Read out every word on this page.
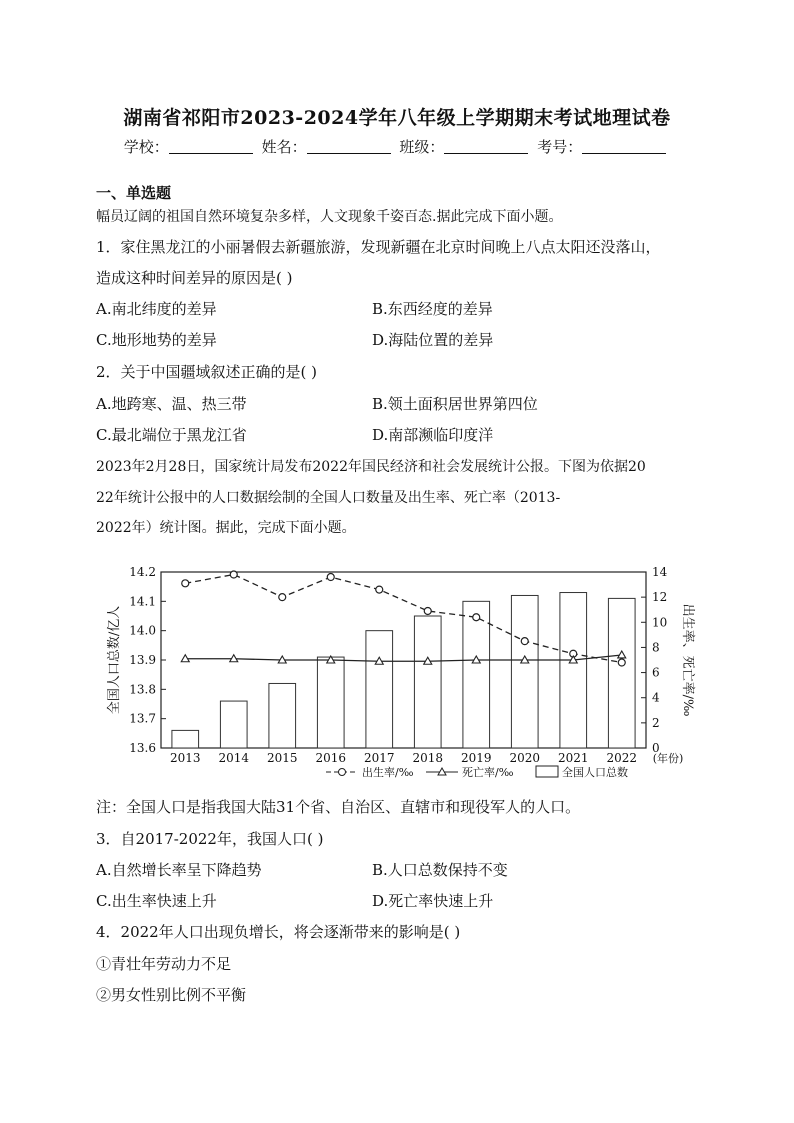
湖南省祁阳市2023-2024学年八年级上学期期末考试地理试卷
学校：	姓名：	班级：	考号：
一、单选题
幅员辽阔的祖国自然环境复杂多样，人文现象千姿百态.据此完成下面小题。
1．家住黑龙江的小丽暑假去新疆旅游，发现新疆在北京时间晚上八点太阳还没落山，
造成这种时间差异的原因是( )
A.南北纬度的差异	B.东西经度的差异
C.地形地势的差异	D.海陆位置的差异
2．关于中国疆域叙述正确的是( )
A.地跨寒、温、热三带	B.领土面积居世界第四位
C.最北端位于黑龙江省	D.南部濒临印度洋
2023年2月28日，国家统计局发布2022年国民经济和社会发展统计公报。下图为依据20
22年统计公报中的人口数据绘制的全国人口数量及出生率、死亡率（2013-
2022年）统计图。据此，完成下面小题。
13.6
13.7
13.8
13.9
14.0
14.1
14.2
0
2
4
6
8
10
12
14
2013 2014 2015 2016 2017 2018 2019 2020 2021 2022 (年份)
全国人口总数/亿人	出生率、死亡率/‰
出生率/‰	死亡率/‰	全国人口总数
注：全国人口是指我国大陆31个省、自治区、直辖市和现役军人的人口。
3．自2017-2022年，我国人口( )
A.自然增长率呈下降趋势	B.人口总数保持不变
C.出生率快速上升	D.死亡率快速上升
4．2022年人口出现负增长，将会逐渐带来的影响是( )
①青壮年劳动力不足
②男女性别比例不平衡
